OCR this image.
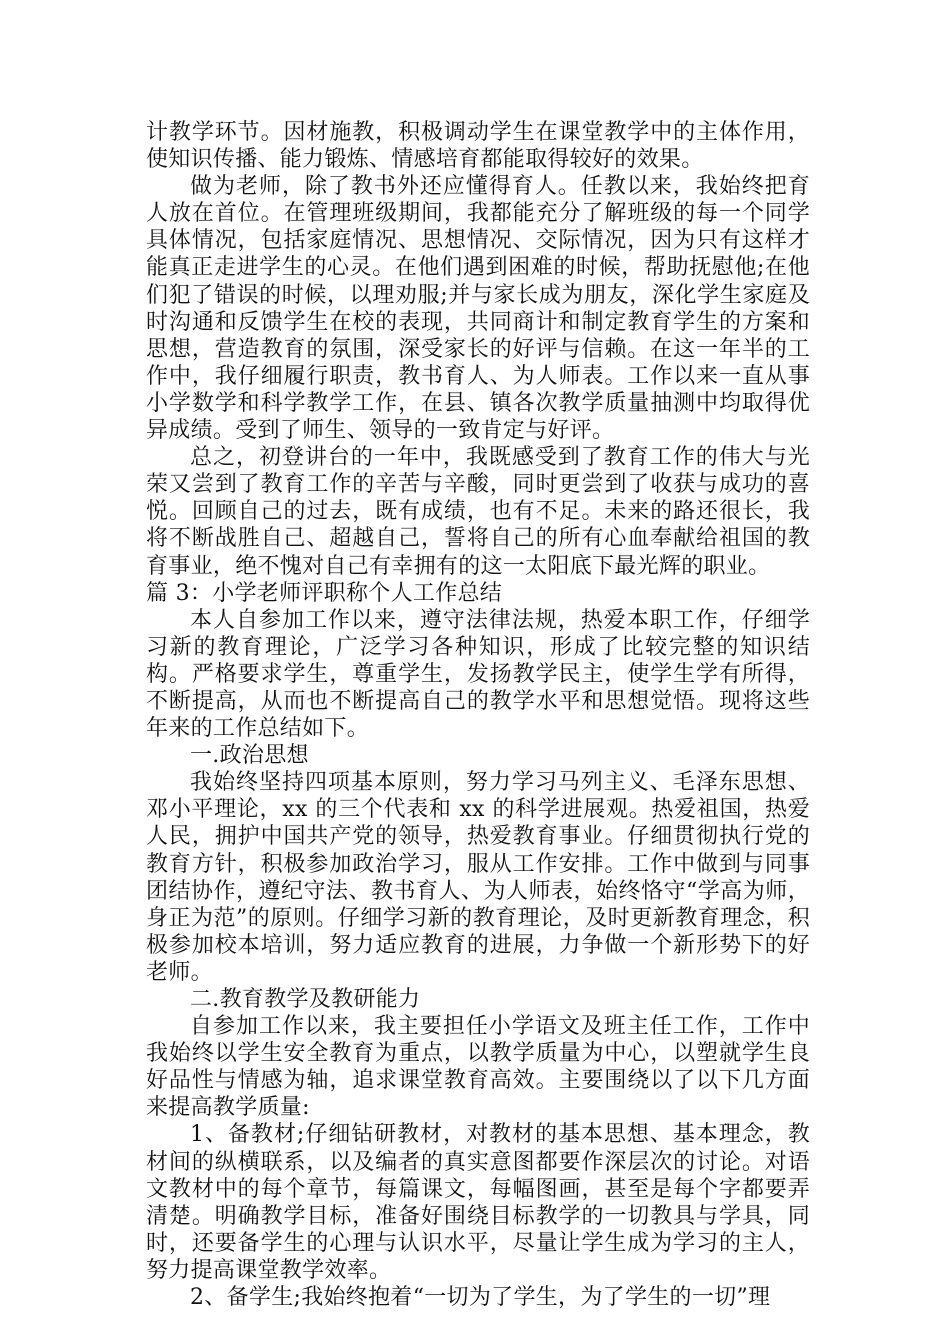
计教学环节。因材施教，积极调动学生在课堂教学中的主体作用，使知识传播、能力锻炼、情感培育都能取得较好的效果。

做为老师，除了教书外还应懂得育人。任教以来，我始终把育人放在首位。在管理班级期间，我都能充分了解班级的每一个同学具体情况，包括家庭情况、思想情况、交际情况，因为只有这样才能真正走进学生的心灵。在他们遇到困难的时候，帮助抚慰他;在他们犯了错误的时候，以理劝服;并与家长成为朋友，深化学生家庭及时沟通和反馈学生在校的表现，共同商计和制定教育学生的方案和思想，营造教育的氛围，深受家长的好评与信赖。在这一年半的工作中，我仔细履行职责，教书育人、为人师表。工作以来一直从事小学数学和科学教学工作，在县、镇各次教学质量抽测中均取得优异成绩。受到了师生、领导的一致肯定与好评。

总之，初登讲台的一年中，我既感受到了教育工作的伟大与光荣又尝到了教育工作的辛苦与辛酸，同时更尝到了收获与成功的喜悦。回顾自己的过去，既有成绩，也有不足。未来的路还很长，我将不断战胜自己、超越自己，誓将自己的所有心血奉献给祖国的教育事业，绝不愧对自己有幸拥有的这一太阳底下最光辉的职业。

篇 3：小学老师评职称个人工作总结

本人自参加工作以来，遵守法律法规，热爱本职工作，仔细学习新的教育理论，广泛学习各种知识，形成了比较完整的知识结构。严格要求学生，尊重学生，发扬教学民主，使学生学有所得，不断提高，从而也不断提高自己的教学水平和思想觉悟。现将这些年来的工作总结如下。

一.政治思想

我始终坚持四项基本原则，努力学习马列主义、毛泽东思想、邓小平理论，xx 的三个代表和 xx 的科学进展观。热爱祖国，热爱人民，拥护中国共产党的领导，热爱教育事业。仔细贯彻执行党的教育方针，积极参加政治学习，服从工作安排。工作中做到与同事团结协作，遵纪守法、教书育人、为人师表，始终恪守“学高为师，身正为范”的原则。仔细学习新的教育理论，及时更新教育理念，积极参加校本培训，努力适应教育的进展，力争做一个新形势下的好老师。

二.教育教学及教研能力

自参加工作以来，我主要担任小学语文及班主任工作，工作中我始终以学生安全教育为重点，以教学质量为中心，以塑就学生良好品性与情感为轴，追求课堂教育高效。主要围绕以了以下几方面来提高教学质量:

1、备教材;仔细钻研教材，对教材的基本思想、基本理念，教材间的纵横联系，以及编者的真实意图都要作深层次的讨论。对语文教材中的每个章节，每篇课文，每幅图画，甚至是每个字都要弄清楚。明确教学目标，准备好围绕目标教学的一切教具与学具，同时，还要备学生的心理与认识水平，尽量让学生成为学习的主人，努力提高课堂教学效率。

2、备学生;我始终抱着“一切为了学生，为了学生的一切”理
